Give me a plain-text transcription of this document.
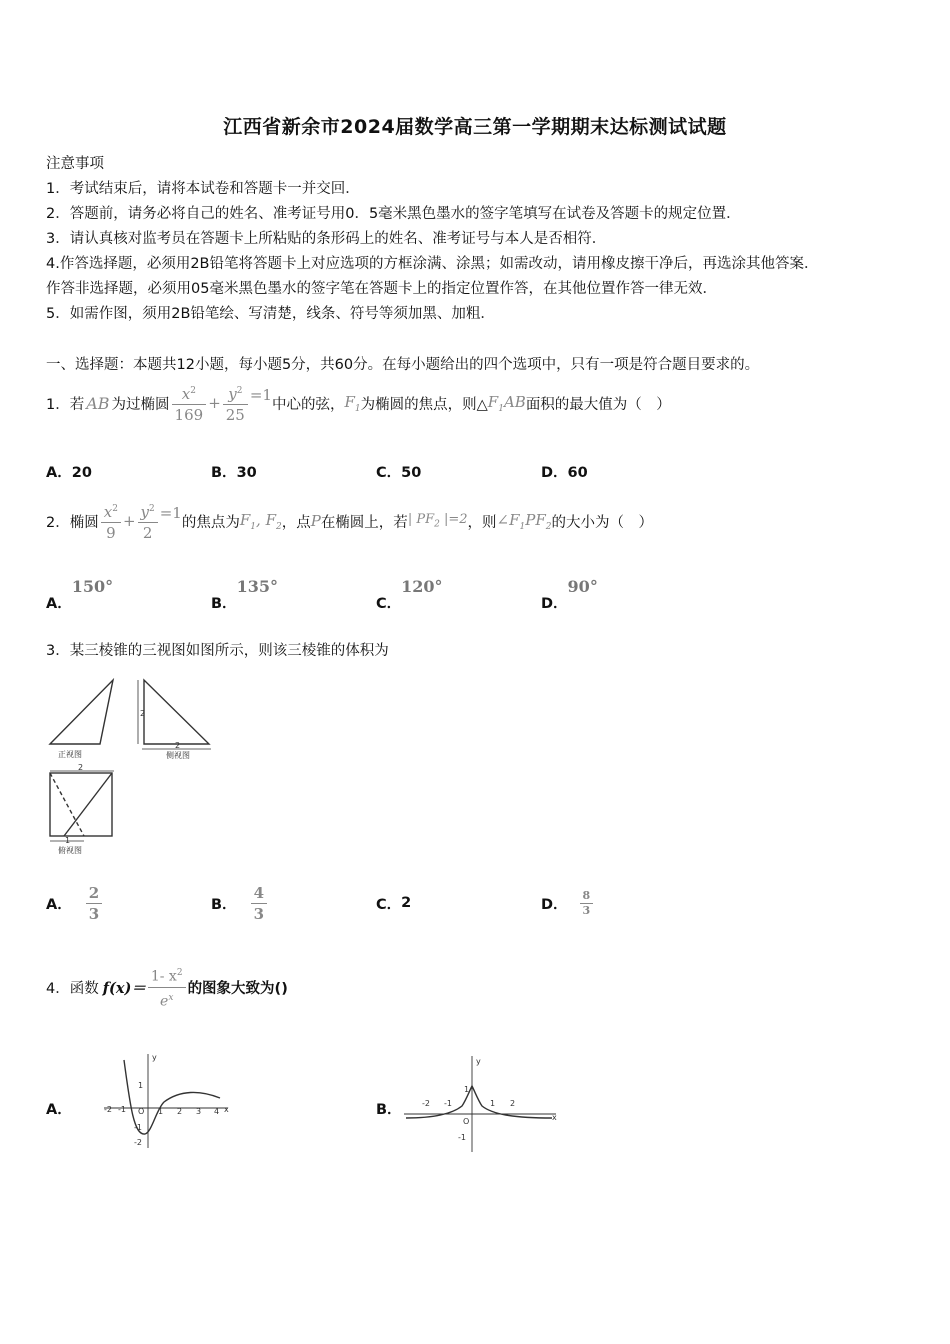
江西省新余市2024届数学高三第一学期期末达标测试试题
注意事项
1．考试结束后，请将本试卷和答题卡一并交回．
2．答题前，请务必将自己的姓名、准考证号用0．5毫米黑色墨水的签字笔填写在试卷及答题卡的规定位置．
3．请认真核对监考员在答题卡上所粘贴的条形码上的姓名、准考证号与本人是否相符．
4.作答选择题，必须用2B铅笔将答题卡上对应选项的方框涂满、涂黑；如需改动，请用橡皮擦干净后，再选涂其他答案．
作答非选择题，必须用05毫米黑色墨水的签字笔在答题卡上的指定位置作答，在其他位置作答一律无效．
5．如需作图，须用2B铅笔绘、写清楚，线条、符号等须加黑、加粗．
一、选择题：本题共12小题，每小题5分，共60分。在每小题给出的四个选项中，只有一项是符合题目要求的。
1．若 AB 为过椭圆 $\frac{x^2}{169} + \frac{y^2}{25} =1$
中心的弦， $F_1$ 为椭圆的焦点，则△ $F_1AB$ 面积的最大值为（　）
A．20	B．30	C．50	D．60
2．椭圆 $\frac{x^2}{9} + \frac{y^2}{2} =1$
的焦点为 $F_1$, $F_2$ ，点 P 在椭圆上，若 | $PF_2$ |=2 ，则 $\angle F_1PF_2$ 的大小为（　）
A．150°
B．135°
C．120°
D．90°
3．某三棱锥的三视图如图所示，则该三棱锥的体积为
正视图
2
2
侧视图
2
1
俯视图
A． $\frac{2}{3}$	B． $\frac{4}{3}$	C． 2	D． $\frac{8}{3}$
4．函数 $f(x)= \frac{1- x^2}{e^x}$ 的图象大致为()
A．
y
x
O
-2 -1	1 2 3 4
1
-1
-2
B．
y
x
O
-2 -1	1 2
1
-1
